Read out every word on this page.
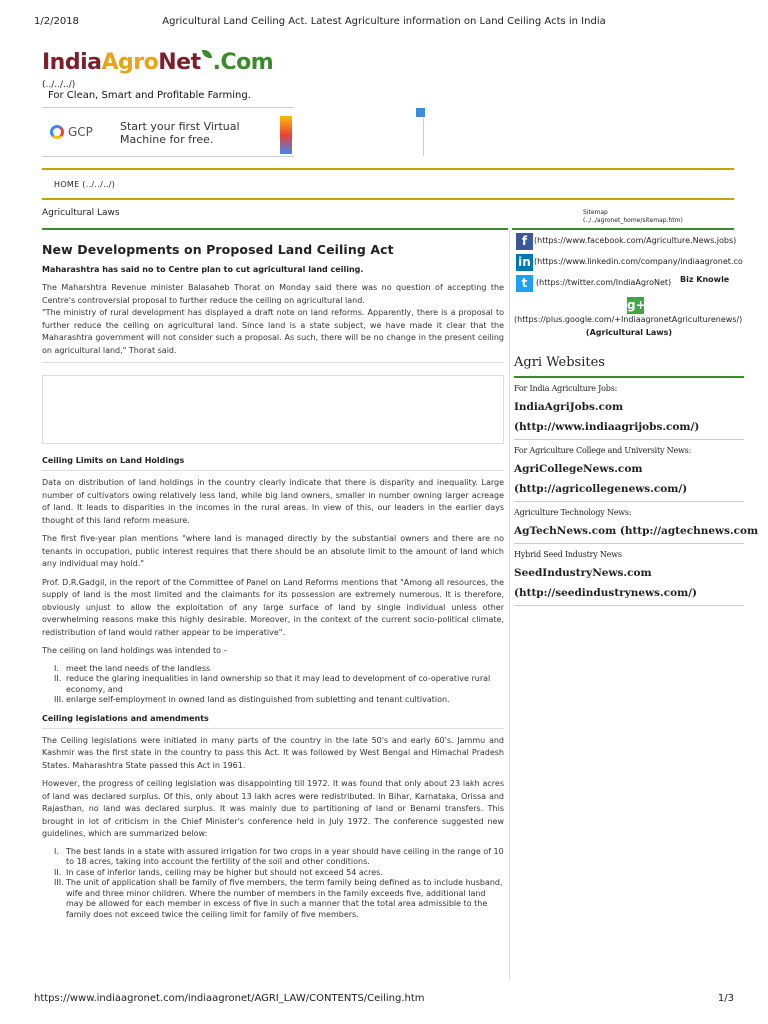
1/2/2018	Agricultural Land Ceiling Act. Latest Agriculture information on Land Ceiling Acts in India
IndiaAgroNet .Com
(../../../)
For Clean, Smart and Profitable Farming.
GCP Start your first Virtual Machine for free.
HOME (../../../)
Agricultural Laws	Sitemap
(../../agronet_home/sitemap.htm)
New Developments on Proposed Land Ceiling Act
Maharashtra has said no to Centre plan to cut agricultural land ceiling.
The Maharshtra Revenue minister Balasaheb Thorat on Monday said there was no question of accepting the Centre's controversial proposal to further reduce the ceiling on agricultural land.
"The ministry of rural development has displayed a draft note on land reforms. Apparently, there is a proposal to further reduce the ceiling on agricultural land. Since land is a state subject, we have made it clear that the Maharashtra government will not consider such a proposal. As such, there will be no change in the present ceiling on agricultural land," Thorat said.
Ceiling Limits on Land Holdings
Data on distribution of land holdings in the country clearly indicate that there is disparity and inequality. Large number of cultivators owing relatively less land, while big land owners, smaller in number owning larger acreage of land. It leads to disparities in the incomes in the rural areas. In view of this, our leaders in the earlier days thought of this land reform measure.
The first five-year plan mentions "where land is managed directly by the substantial owners and there are no tenants in occupation, public interest requires that there should be an absolute limit to the amount of land which any individual may hold."
Prof. D.R.Gadgil, in the report of the Committee of Panel on Land Reforms mentions that "Among all resources, the supply of land is the most limited and the claimants for its possession are extremely numerous. It is therefore, obviously unjust to allow the exploitation of any large surface of land by single individual unless other overwhelming reasons make this highly desirable. Moreover, in the context of the current socio-political climate, redistribution of land would rather appear to be imperative".
The ceiling on land holdings was intended to –
I. meet the land needs of the landless
II. reduce the glaring inequalities in land ownership so that it may lead to development of co-operative rural economy, and
III. enlarge self-employment in owned land as distinguished from subletting and tenant cultivation.
Ceiling legislations and amendments
The Ceiling legislations were initiated in many parts of the country in the late 50's and early 60's. Jammu and Kashmir was the first state in the country to pass this Act. It was followed by West Bengal and Himachal Pradesh States. Maharashtra State passed this Act in 1961.
However, the progress of ceiling legislation was disappointing till 1972. It was found that only about 23 lakh acres of land was declared surplus. Of this, only about 13 lakh acres were redistributed. In Bihar, Karnataka, Orissa and Rajasthan, no land was declared surplus. It was mainly due to partitioning of land or Benami transfers. This brought in lot of criticism in the Chief Minister's conference held in July 1972. The conference suggested new guidelines, which are summarized below:
I. The best lands in a state with assured irrigation for two crops in a year should have ceiling in the range of 10 to 18 acres, taking into account the fertility of the soil and other conditions.
II. In case of inferior lands, ceiling may be higher but should not exceed 54 acres.
III. The unit of application shall be family of five members, the term family being defined as to include husband, wife and three minor children. Where the number of members in the family exceeds five, additional land may be allowed for each member in excess of five in such a manner that the total area admissible to the family does not exceed twice the ceiling limit for family of five members.
f (https://www.facebook.com/Agriculture.News.jobs)
in (https://www.linkedin.com/company/indiaagronet.co
t	(https://twitter.com/IndiaAgroNet) Biz Knowle
g+
(https://plus.google.com/+IndiaagronetAgriculturenews/)
(Agricultural Laws)
Agri Websites
For India Agriculture Jobs:
IndiaAgriJobs.com
(http://www.indiaagrijobs.com/)
For Agriculture College and University News:
AgriCollegeNews.com
(http://agricollegenews.com/)
Agriculture Technology News:
AgTechNews.com (http://agtechnews.com
Hybrid Seed Industry News
SeedIndustryNews.com
(http://seedindustrynews.com/)
https://www.indiaagronet.com/indiaagronet/AGRI_LAW/CONTENTS/Ceiling.htm	1/3
